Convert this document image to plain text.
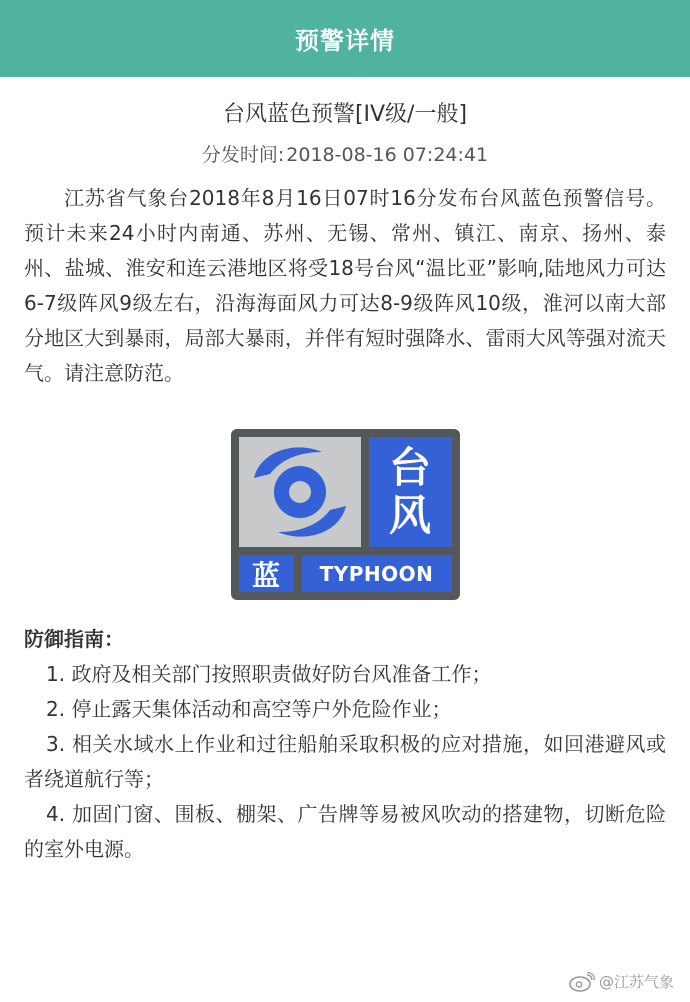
预警详情
台风蓝色预警[IV级/一般]
分发时间: 2018-08-16 07:24:41
江苏省气象台2018年8月16日07时16分发布台风蓝色预警信号。 预计未来24小时内南通、苏州、无锡、常州、镇江、南京、扬州、泰州、盐城、淮安和连云港地区将受18号台风“温比亚”影响,陆地风力可达6-7级阵风9级左右，沿海海面风力可达8-9级阵风10级，淮河以南大部分地区大到暴雨，局部大暴雨，并伴有短时强降水、雷雨大风等强对流天气。请注意防范。
台
风
蓝	TYPHOON
防御指南：
1. 政府及相关部门按照职责做好防台风准备工作；
2. 停止露天集体活动和高空等户外危险作业；
3. 相关水域水上作业和过往船舶采取积极的应对措施，如回港避风或者绕道航行等；
4. 加固门窗、围板、棚架、广告牌等易被风吹动的搭建物，切断危险的室外电源。
@江苏气象
